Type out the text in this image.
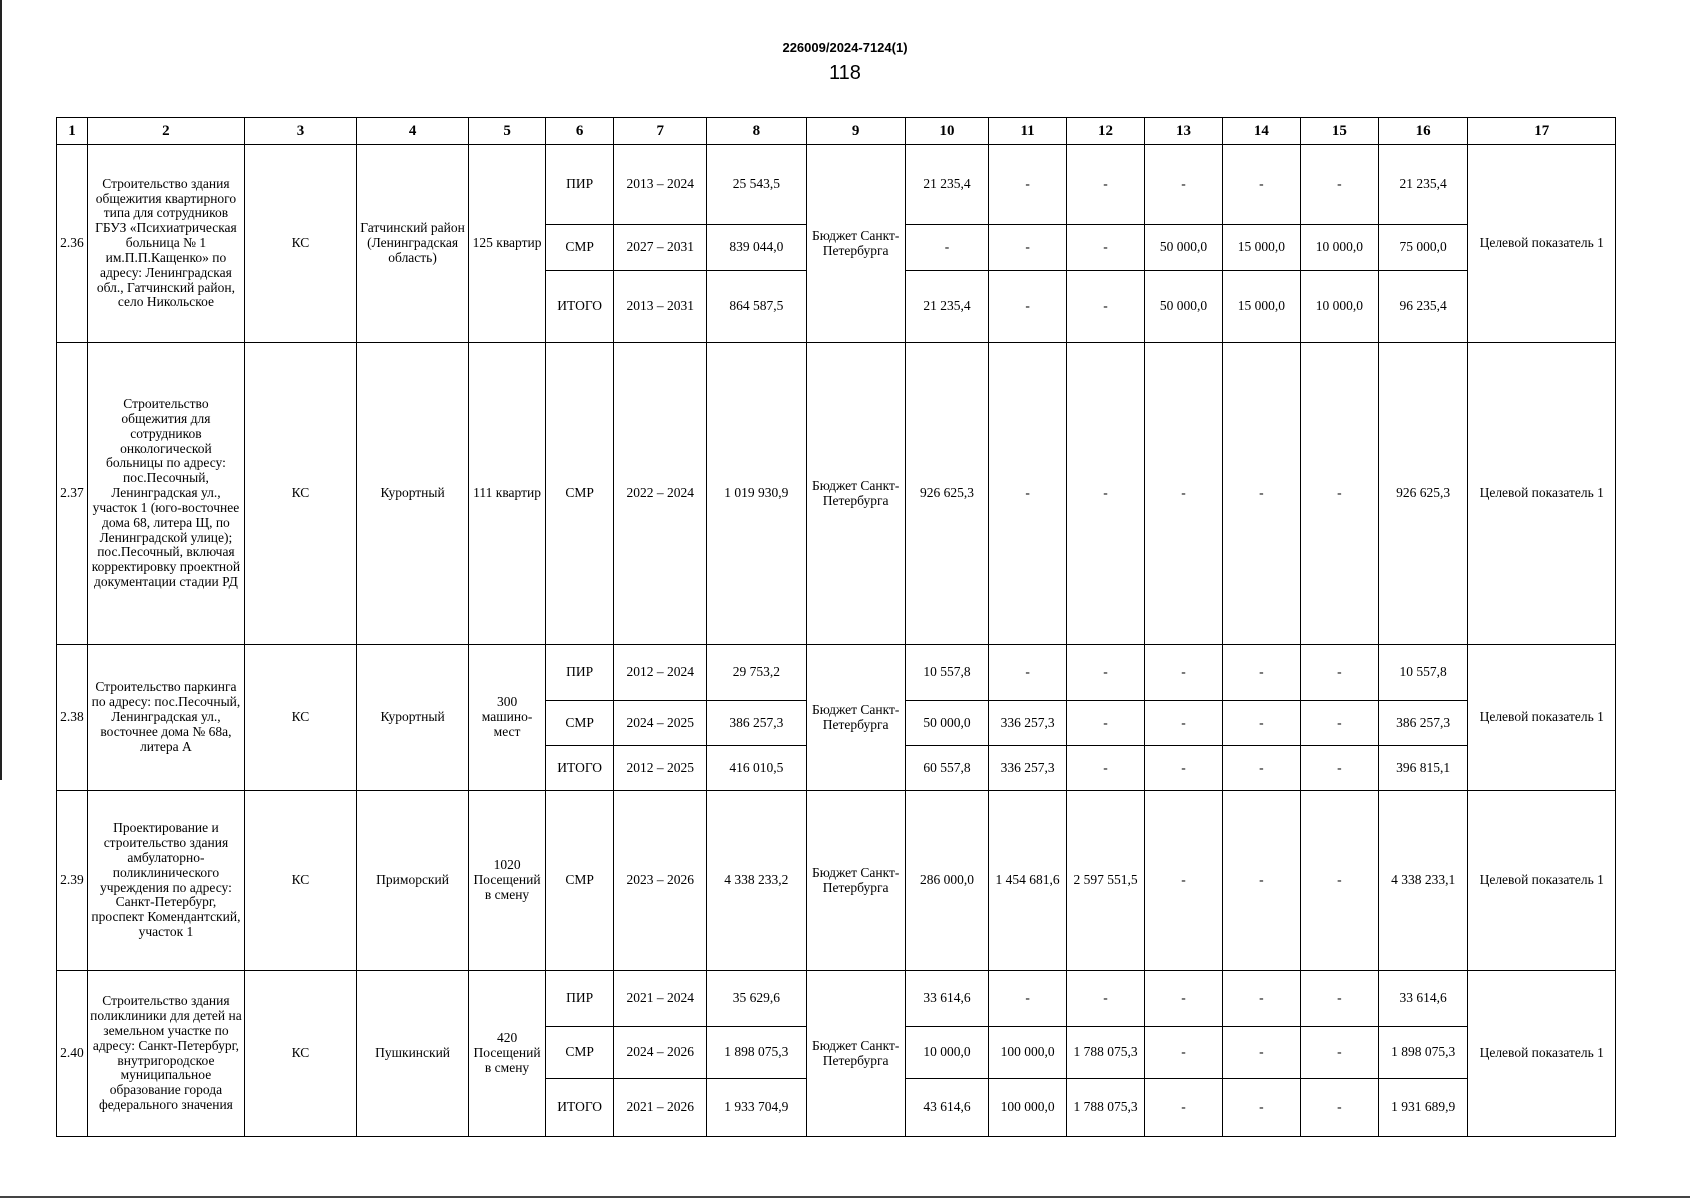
226009/2024-7124(1)
118
1	2	3	4	5	6	7	8	9	10	11	12	13	14	15	16	17
2.36	Строительство здания общежития квартирного типа для сотрудников ГБУЗ «Психиатрическая больница № 1 им.П.П.Кащенко» по адресу: Ленинградская обл., Гатчинский район, село Никольское	КС	Гатчинский район (Ленинградская область)	125 квартир	ПИР	2013 – 2024	25 543,5	Бюджет Санкт-Петербурга	21 235,4	-	-	-	-	-	21 235,4	Целевой показатель 1
					СМР	2027 – 2031	839 044,0		-	-	-	50 000,0	15 000,0	10 000,0	75 000,0	
					ИТОГО	2013 – 2031	864 587,5		21 235,4	-	-	50 000,0	15 000,0	10 000,0	96 235,4	
2.37	Строительство общежития для сотрудников онкологической больницы по адресу: пос.Песочный, Ленинградская ул., участок 1 (юго-восточнее дома 68, литера Щ, по Ленинградской улице); пос.Песочный, включая корректировку проектной документации стадии РД	КС	Курортный	111 квартир	СМР	2022 – 2024	1 019 930,9	Бюджет Санкт-Петербурга	926 625,3	-	-	-	-	-	926 625,3	Целевой показатель 1
2.38	Строительство паркинга по адресу: пос.Песочный, Ленинградская ул., восточнее дома № 68а, литера А	КС	Курортный	300 машино-мест	ПИР	2012 – 2024	29 753,2	Бюджет Санкт-Петербурга	10 557,8	-	-	-	-	-	10 557,8	Целевой показатель 1
					СМР	2024 – 2025	386 257,3		50 000,0	336 257,3	-	-	-	-	386 257,3	
					ИТОГО	2012 – 2025	416 010,5		60 557,8	336 257,3	-	-	-	-	396 815,1	
2.39	Проектирование и строительство здания амбулаторно-поликлинического учреждения по адресу: Санкт-Петербург, проспект Комендантский, участок 1	КС	Приморский	1020 Посещений в смену	СМР	2023 – 2026	4 338 233,2	Бюджет Санкт-Петербурга	286 000,0	1 454 681,6	2 597 551,5	-	-	-	4 338 233,1	Целевой показатель 1
2.40	Строительство здания поликлиники для детей на земельном участке по адресу: Санкт-Петербург, внутригородское муниципальное образование города федерального значения	КС	Пушкинский	420 Посещений в смену	ПИР	2021 – 2024	35 629,6	Бюджет Санкт-Петербурга	33 614,6	-	-	-	-	-	33 614,6	Целевой показатель 1
					СМР	2024 – 2026	1 898 075,3		10 000,0	100 000,0	1 788 075,3	-	-	-	1 898 075,3	
					ИТОГО	2021 – 2026	1 933 704,9		43 614,6	100 000,0	1 788 075,3	-	-	-	1 931 689,9	
